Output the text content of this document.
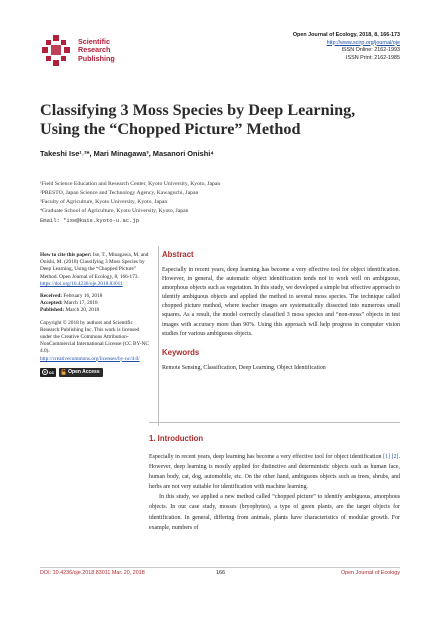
Scientific
Research
Publishing
Open Journal of Ecology, 2018, 8, 166-173
http://www.scirp.org/journal/oje
ISSN Online: 2162-1993
ISSN Print: 2162-1985
Classifying 3 Moss Species by Deep Learning,
Using the “Chopped Picture” Method
Takeshi Ise¹˒²*, Mari Minagawa³, Masanori Onishi⁴
¹Field Science Education and Research Center, Kyoto University, Kyoto, Japan
²PRESTO, Japan Science and Technology Agency, Kawaguchi, Japan
³Faculty of Agriculture, Kyoto University, Kyoto, Japan
⁴Graduate School of Agriculture, Kyoto University, Kyoto, Japan
Email: *ise@kais.kyoto-u.ac.jp

How to cite this paper: Ise, T., Minagawa, M. and Onishi, M. (2018) Classifying 3 Moss Species by Deep Learning, Using the “Chopped Picture” Method. Open Journal of Ecology, 8, 166-173.
https://doi.org/10.4236/oje.2018.83011

Received: February 16, 2018
Accepted: March 17, 2018
Published: March 20, 2018

Copyright © 2018 by authors and Scientific Research Publishing Inc. This work is licensed under the Creative Commons Attribution-NonCommercial International License (CC BY-NC 4.0).
http://creativecommons.org/licenses/by-nc/4.0/

c cc	Open Access
Abstract
Especially in recent years, deep learning has become a very effective tool for object identification. However, in general, the automatic object identification tends not to work well on ambiguous, amorphous objects such as vegetation. In this study, we developed a simple but effective approach to identify ambiguous objects and applied the method to several moss species. The technique called chopped picture method, where teacher images are systematically dissected into numerous small squares. As a result, the model correctly classified 3 moss species and “non-moss” objects in test images with accuracy more than 90%. Using this approach will help progress in computer vision studies for various ambiguous objects.
Keywords
Remote Sensing, Classification, Deep Learning, Object Identification
1. Introduction

Especially in recent years, deep learning has become a very effective tool for object identification [1] [2]. However, deep learning is mostly applied for distinctive and deterministic objects such as human face, human body, cat, dog, automobile, etc. On the other hand, ambiguous objects such as trees, shrubs, and herbs are not very suitable for identification with machine learning.

In this study, we applied a new method called “chopped picture” to identify ambiguous, amorphous objects. In our case study, mosses (bryophytes), a type of green plants, are the target objects for identification. In general, differing from animals, plants have characteristics of modular growth. For example, numbers of

DOI: 10.4236/oje.2018.83011 Mar. 20, 2018	166	Open Journal of Ecology
